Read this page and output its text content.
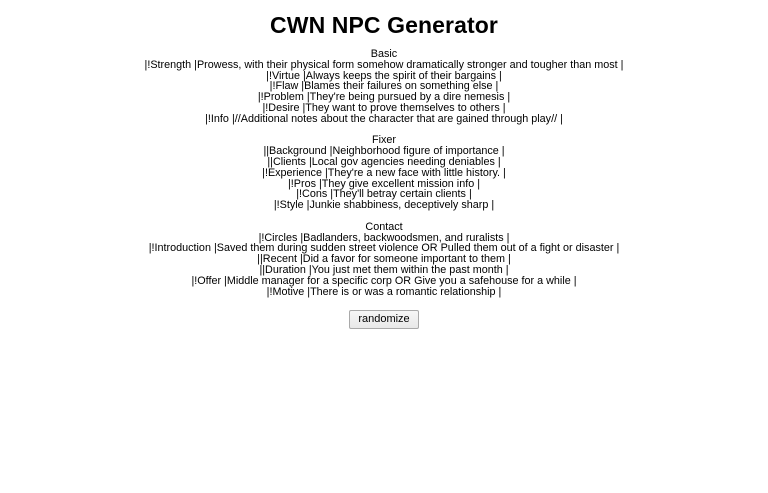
CWN NPC Generator

Basic
|!Strength |Prowess, with their physical form somehow dramatically stronger and tougher than most |
|!Virtue |Always keeps the spirit of their bargains |
|!Flaw |Blames their failures on something else |
|!Problem |They're being pursued by a dire nemesis |
|!Desire |They want to prove themselves to others |
|!Info |//Additional notes about the character that are gained through play// |

Fixer
||Background |Neighborhood figure of importance |
||Clients |Local gov agencies needing deniables |
|!Experience |They're a new face with little history. |
|!Pros |They give excellent mission info |
|!Cons |They'll betray certain clients |
|!Style |Junkie shabbiness, deceptively sharp |

Contact
|!Circles |Badlanders, backwoodsmen, and ruralists |
|!Introduction |Saved them during sudden street violence OR Pulled them out of a fight or disaster |
||Recent |Did a favor for someone important to them |
||Duration |You just met them within the past month |
|!Offer |Middle manager for a specific corp OR Give you a safehouse for a while |
|!Motive |There is or was a romantic relationship |
randomize
